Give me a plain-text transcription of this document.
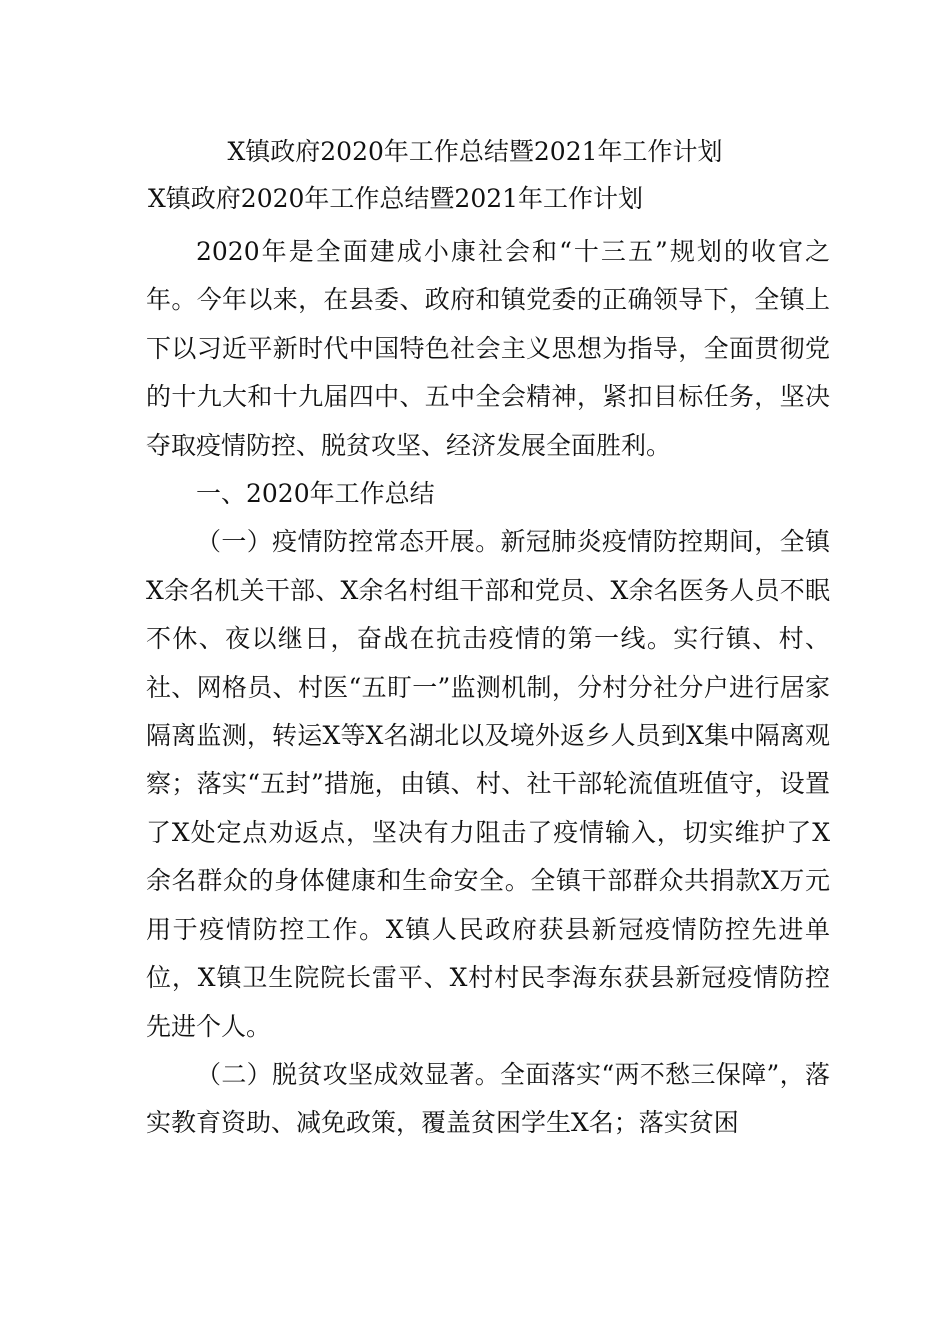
X镇政府2020年工作总结暨2021年工作计划
X镇政府2020年工作总结暨2021年工作计划

2020年是全面建成小康社会和“十三五”规划的收官之年。今年以来，在县委、政府和镇党委的正确领导下，全镇上下以习近平新时代中国特色社会主义思想为指导，全面贯彻党的十九大和十九届四中、五中全会精神，紧扣目标任务，坚决夺取疫情防控、脱贫攻坚、经济发展全面胜利。

一、2020年工作总结

（一）疫情防控常态开展。新冠肺炎疫情防控期间，全镇X余名机关干部、X余名村组干部和党员、X余名医务人员不眠不休、夜以继日，奋战在抗击疫情的第一线。实行镇、村、社、网格员、村医“五盯一”监测机制，分村分社分户进行居家隔离监测，转运X等X名湖北以及境外返乡人员到X集中隔离观察；落实“五封”措施，由镇、村、社干部轮流值班值守，设置了X处定点劝返点，坚决有力阻击了疫情输入，切实维护了X余名群众的身体健康和生命安全。全镇干部群众共捐款X万元用于疫情防控工作。X镇人民政府获县新冠疫情防控先进单位，X镇卫生院院长雷平、X村村民李海东获县新冠疫情防控先进个人。

（二）脱贫攻坚成效显著。全面落实“两不愁三保障”，落实教育资助、减免政策，覆盖贫困学生X名；落实贫困
